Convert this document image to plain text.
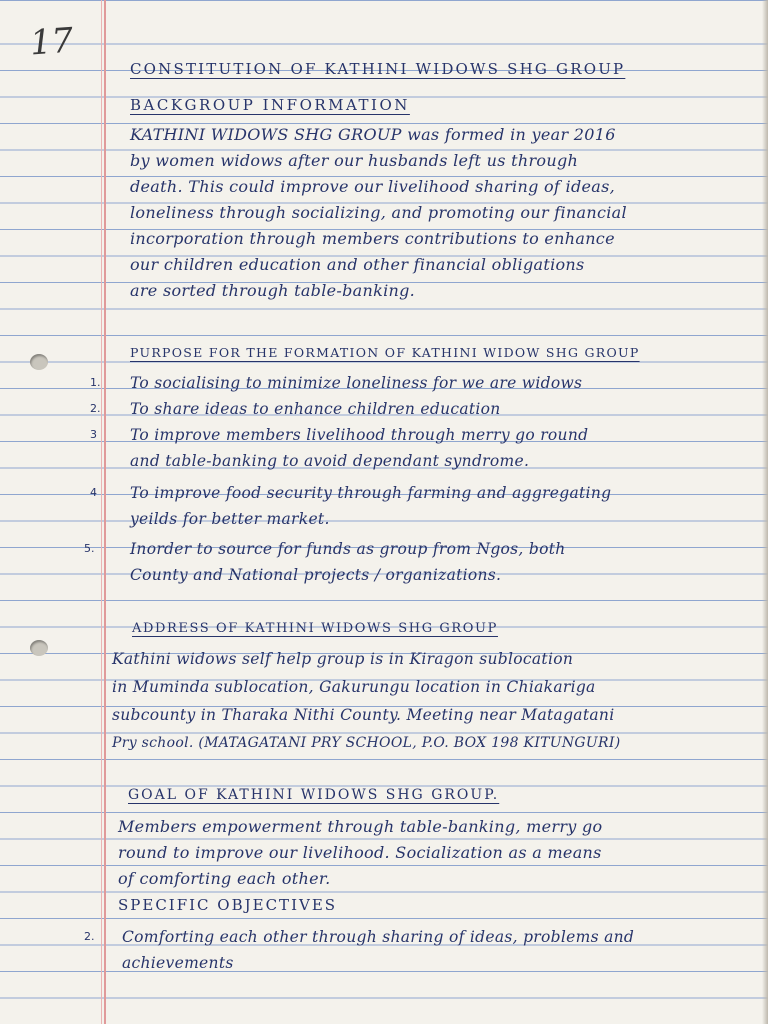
17
CONSTITUTION OF KATHINI WIDOWS SHG GROUP
BACKGROUP INFORMATION
KATHINI WIDOWS SHG GROUP was formed in year 2016
by women widows after our husbands left us through
death. This could improve our livelihood sharing of ideas,
loneliness through socializing, and promoting our financial
incorporation through members contributions to enhance
our children education and other financial obligations
are sorted through table-banking.
PURPOSE FOR THE FORMATION OF KATHINI WIDOW SHG GROUP
1. To socialising to minimize loneliness for we are widows
2. To share ideas to enhance children education
3 To improve members livelihood through merry go round
and table-banking to avoid dependant syndrome.
4 To improve food security through farming and aggregating
yeilds for better market.
5. Inorder to source for funds as group from Ngos, both
County and National projects / organizations.
ADDRESS OF KATHINI WIDOWS SHG GROUP
Kathini widows self help group is in Kiragon sublocation
in Muminda sublocation, Gakurungu location in Chiakariga
subcounty in Tharaka Nithi County. Meeting near Matagatani
Pry school. (MATAGATANI PRY SCHOOL, P.O. BOX 198 KITUNGURI)
GOAL OF KATHINI WIDOWS SHG GROUP.
Members empowerment through table-banking, merry go
round to improve our livelihood. Socialization as a means
of comforting each other.
SPECIFIC OBJECTIVES
2. Comforting each other through sharing of ideas, problems and
achievements
